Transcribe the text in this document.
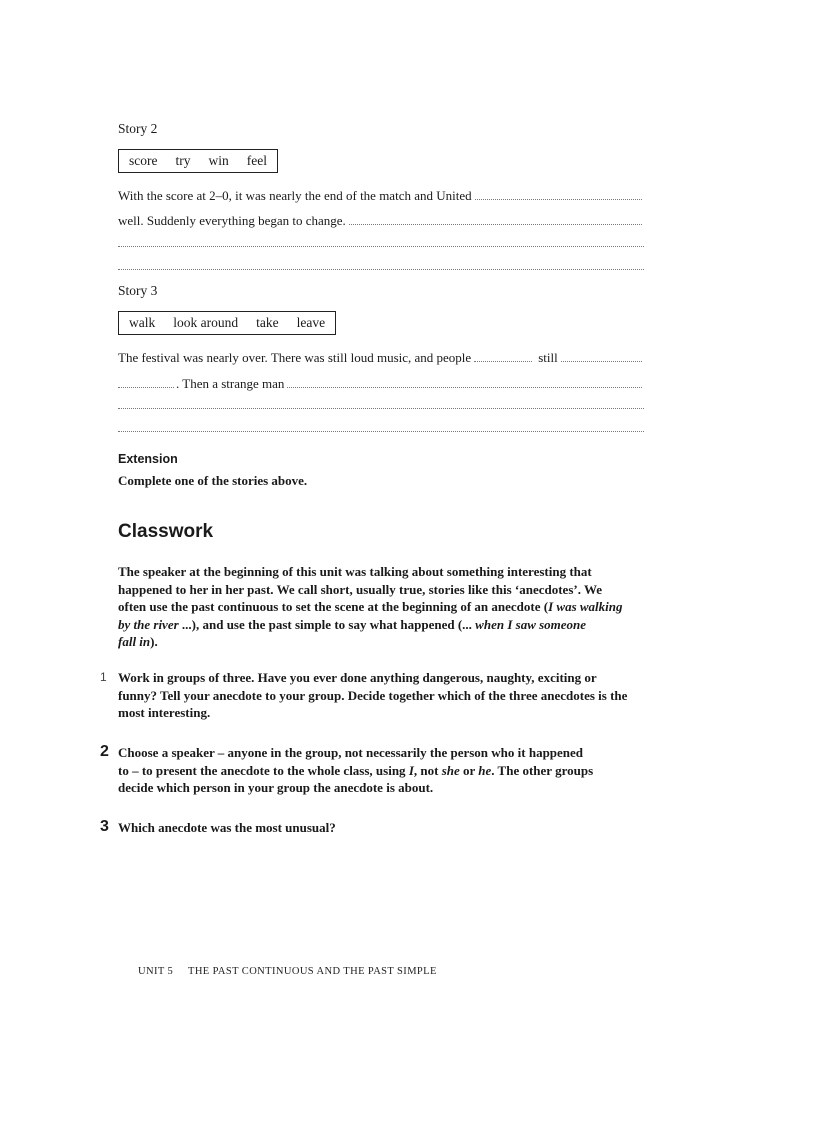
Story 2
score try win feel
With the score at 2–0, it was nearly the end of the match and United
well. Suddenly everything began to change.
Story 3
walk look around take leave
The festival was nearly over. There was still loud music, and people	still
. Then a strange man
Extension
Complete one of the stories above.
Classwork
The speaker at the beginning of this unit was talking about something interesting that
happened to her in her past. We call short, usually true, stories like this ‘anecdotes’. We
often use the past continuous to set the scene at the beginning of an anecdote (I was walking
by the river ...), and use the past simple to say what happened (... when I saw someone
fall in).
1 Work in groups of three. Have you ever done anything dangerous, naughty, exciting or
funny? Tell your anecdote to your group. Decide together which of the three anecdotes is the
most interesting.
2 Choose a speaker – anyone in the group, not necessarily the person who it happened
to – to present the anecdote to the whole class, using I, not she or he. The other groups
decide which person in your group the anecdote is about.
3 Which anecdote was the most unusual?
UNIT 5 THE PAST CONTINUOUS AND THE PAST SIMPLE
